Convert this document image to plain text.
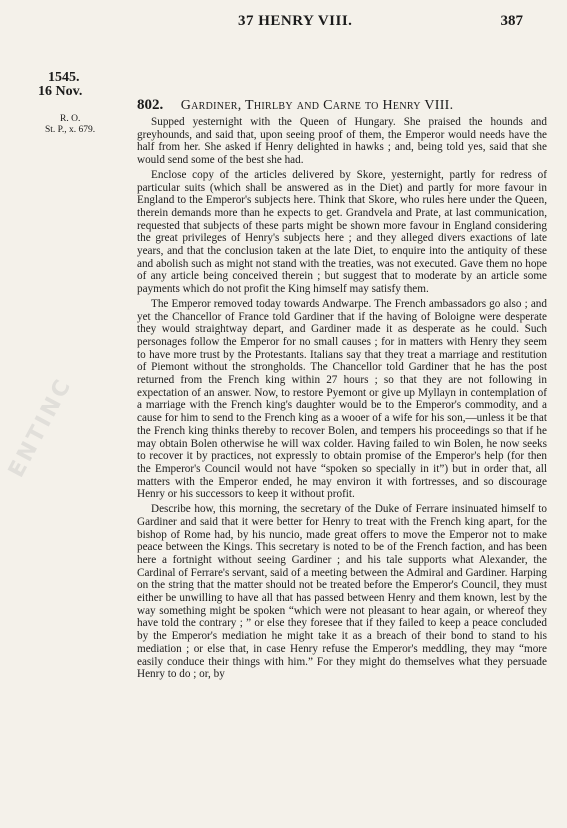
37 HENRY VIII.	387
1545.
16 Nov.
R. O.
St. P., x. 679.
802. Gardiner, Thirlby and Carne to Henry VIII.

Supped yesternight with the Queen of Hungary. She praised the hounds and greyhounds, and said that, upon seeing proof of them, the Emperor would needs have the half from her. She asked if Henry delighted in hawks ; and, being told yes, said that she would send some of the best she had.

Enclose copy of the articles delivered by Skore, yesternight, partly for redress of particular suits (which shall be answered as in the Diet) and partly for more favour in England to the Emperor's subjects here. Think that Skore, who rules here under the Queen, therein demands more than he expects to get. Grandvela and Prate, at last communication, requested that subjects of these parts might be shown more favour in England considering the great privileges of Henry's subjects here ; and they alleged divers exactions of late years, and that the conclusion taken at the late Diet, to enquire into the antiquity of these and abolish such as might not stand with the treaties, was not executed. Gave them no hope of any article being conceived therein ; but suggest that to moderate by an article some payments which do not profit the King himself may satisfy them.

The Emperor removed today towards Andwarpe. The French ambassadors go also ; and yet the Chancellor of France told Gardiner that if the having of Boloigne were desperate they would straightway depart, and Gardiner made it as desperate as he could. Such personages follow the Emperor for no small causes ; for in matters with Henry they seem to have more trust by the Protestants. Italians say that they treat a marriage and restitution of Piemont without the strongholds. The Chancellor told Gardiner that he has the post returned from the French king within 27 hours ; so that they are not following in expectation of an answer. Now, to restore Pyemont or give up Myllayn in contemplation of a marriage with the French king's daughter would be to the Emperor's commodity, and a cause for him to send to the French king as a wooer of a wife for his son,—unless it be that the French king thinks thereby to recover Bolen, and tempers his proceedings so that if he may obtain Bolen otherwise he will wax colder. Having failed to win Bolen, he now seeks to recover it by practices, not expressly to obtain promise of the Emperor's help (for then the Emperor's Council would not have “spoken so specially in it”) but in order that, all matters with the Emperor ended, he may environ it with fortresses, and so discourage Henry or his successors to keep it without profit.

Describe how, this morning, the secretary of the Duke of Ferrare insinuated himself to Gardiner and said that it were better for Henry to treat with the French king apart, for the bishop of Rome had, by his nuncio, made great offers to move the Emperor not to make peace between the Kings. This secretary is noted to be of the French faction, and has been here a fortnight without seeing Gardiner ; and his tale supports what Alexander, the Cardinal of Ferrare's servant, said of a meeting between the Admiral and Gardiner. Harping on the string that the matter should not be treated before the Emperor's Council, they must either be unwilling to have all that has passed between Henry and them known, lest by the way something might be spoken “which were not pleasant to hear again, or whereof they have told the contrary ; ” or else they foresee that if they failed to keep a peace concluded by the Emperor's mediation he might take it as a breach of their bond to stand to his mediation ; or else that, in case Henry refuse the Emperor's meddling, they may “more easily conduce their things with him.” For they might do themselves what they persuade Henry to do ; or, by

ENTINC
